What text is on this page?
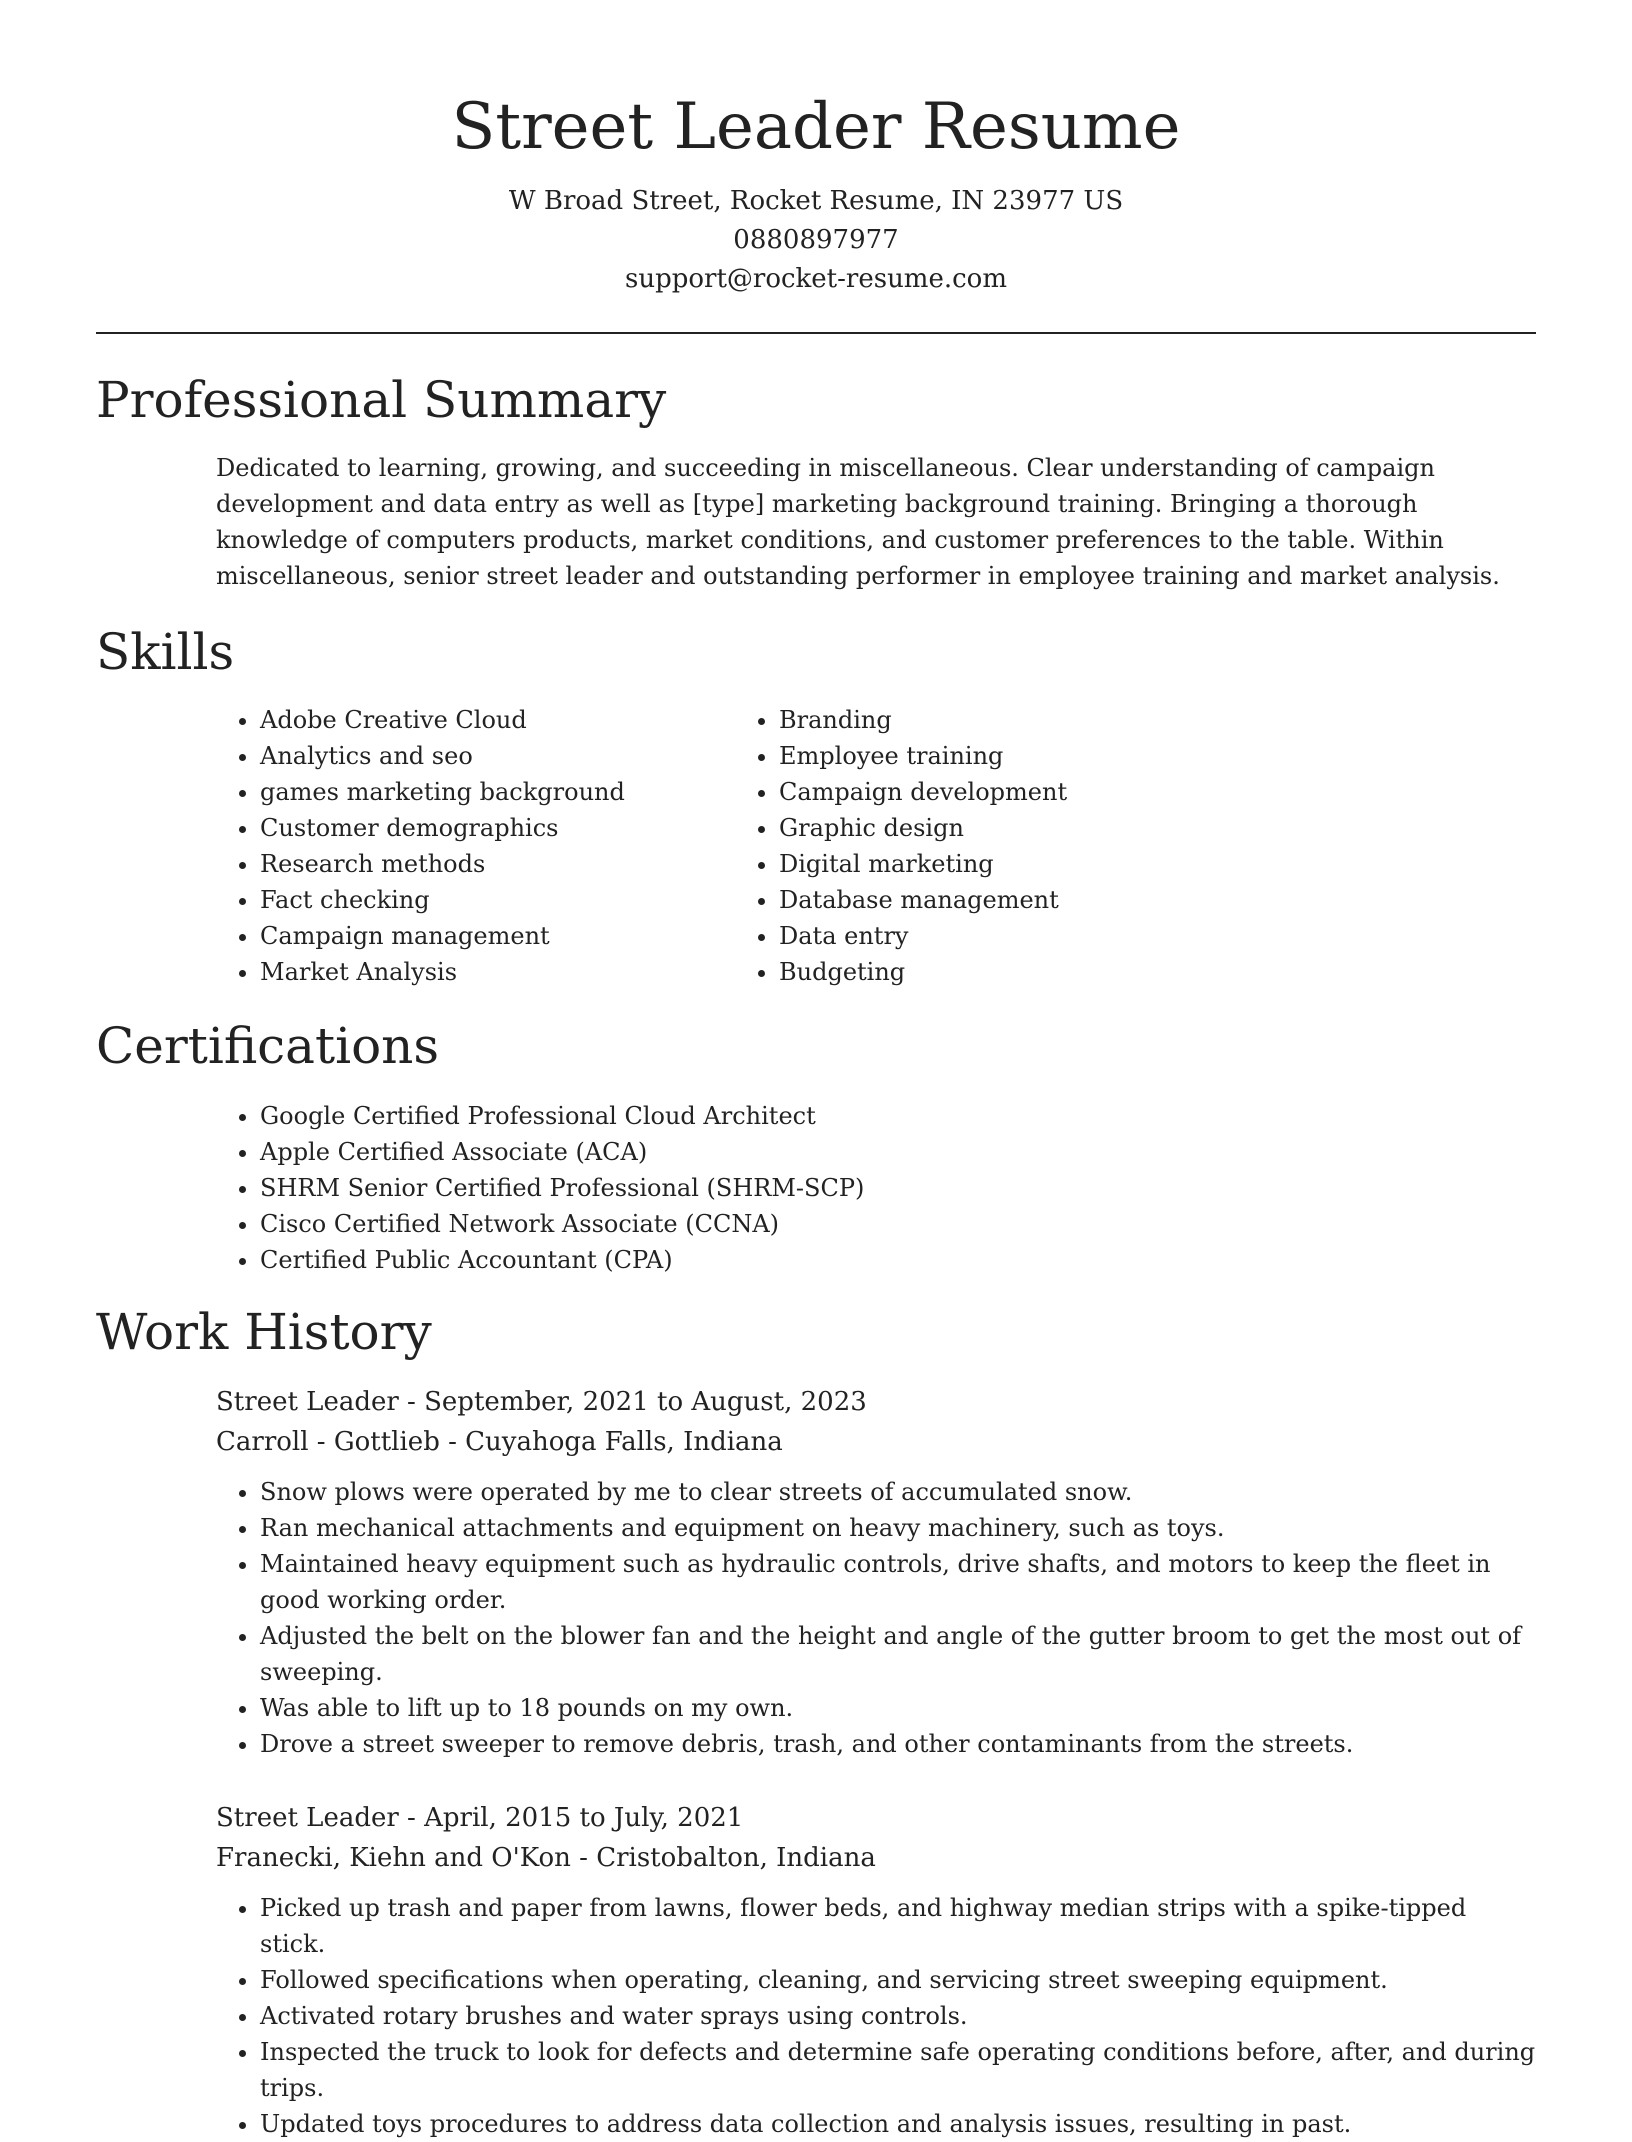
Street Leader Resume
W Broad Street, Rocket Resume, IN 23977 US
0880897977
support@rocket-resume.com
Professional Summary

Dedicated to learning, growing, and succeeding in miscellaneous. Clear understanding of campaign development and data entry as well as [type] marketing background training. Bringing a thorough knowledge of computers products, market conditions, and customer preferences to the table. Within miscellaneous, senior street leader and outstanding performer in employee training and market analysis.

Skills
• Adobe Creative Cloud
• Analytics and seo
• games marketing background
• Customer demographics
• Research methods
• Fact checking
• Campaign management
• Market Analysis
• Branding
• Employee training
• Campaign development
• Graphic design
• Digital marketing
• Database management
• Data entry
• Budgeting
Certifications
• Google Certified Professional Cloud Architect
• Apple Certified Associate (ACA)
• SHRM Senior Certified Professional (SHRM-SCP)
• Cisco Certified Network Associate (CCNA)
• Certified Public Accountant (CPA)
Work History
Street Leader - September, 2021 to August, 2023
Carroll - Gottlieb - Cuyahoga Falls, Indiana
• Snow plows were operated by me to clear streets of accumulated snow.
• Ran mechanical attachments and equipment on heavy machinery, such as toys.
• Maintained heavy equipment such as hydraulic controls, drive shafts, and motors to keep the fleet in good working order.
• Adjusted the belt on the blower fan and the height and angle of the gutter broom to get the most out of sweeping.
• Was able to lift up to 18 pounds on my own.
• Drove a street sweeper to remove debris, trash, and other contaminants from the streets.
Street Leader - April, 2015 to July, 2021
Franecki, Kiehn and O'Kon - Cristobalton, Indiana
• Picked up trash and paper from lawns, flower beds, and highway median strips with a spike-tipped stick.
• Followed specifications when operating, cleaning, and servicing street sweeping equipment.
• Activated rotary brushes and water sprays using controls.
• Inspected the truck to look for defects and determine safe operating conditions before, after, and during trips.
• Updated toys procedures to address data collection and analysis issues, resulting in past.
